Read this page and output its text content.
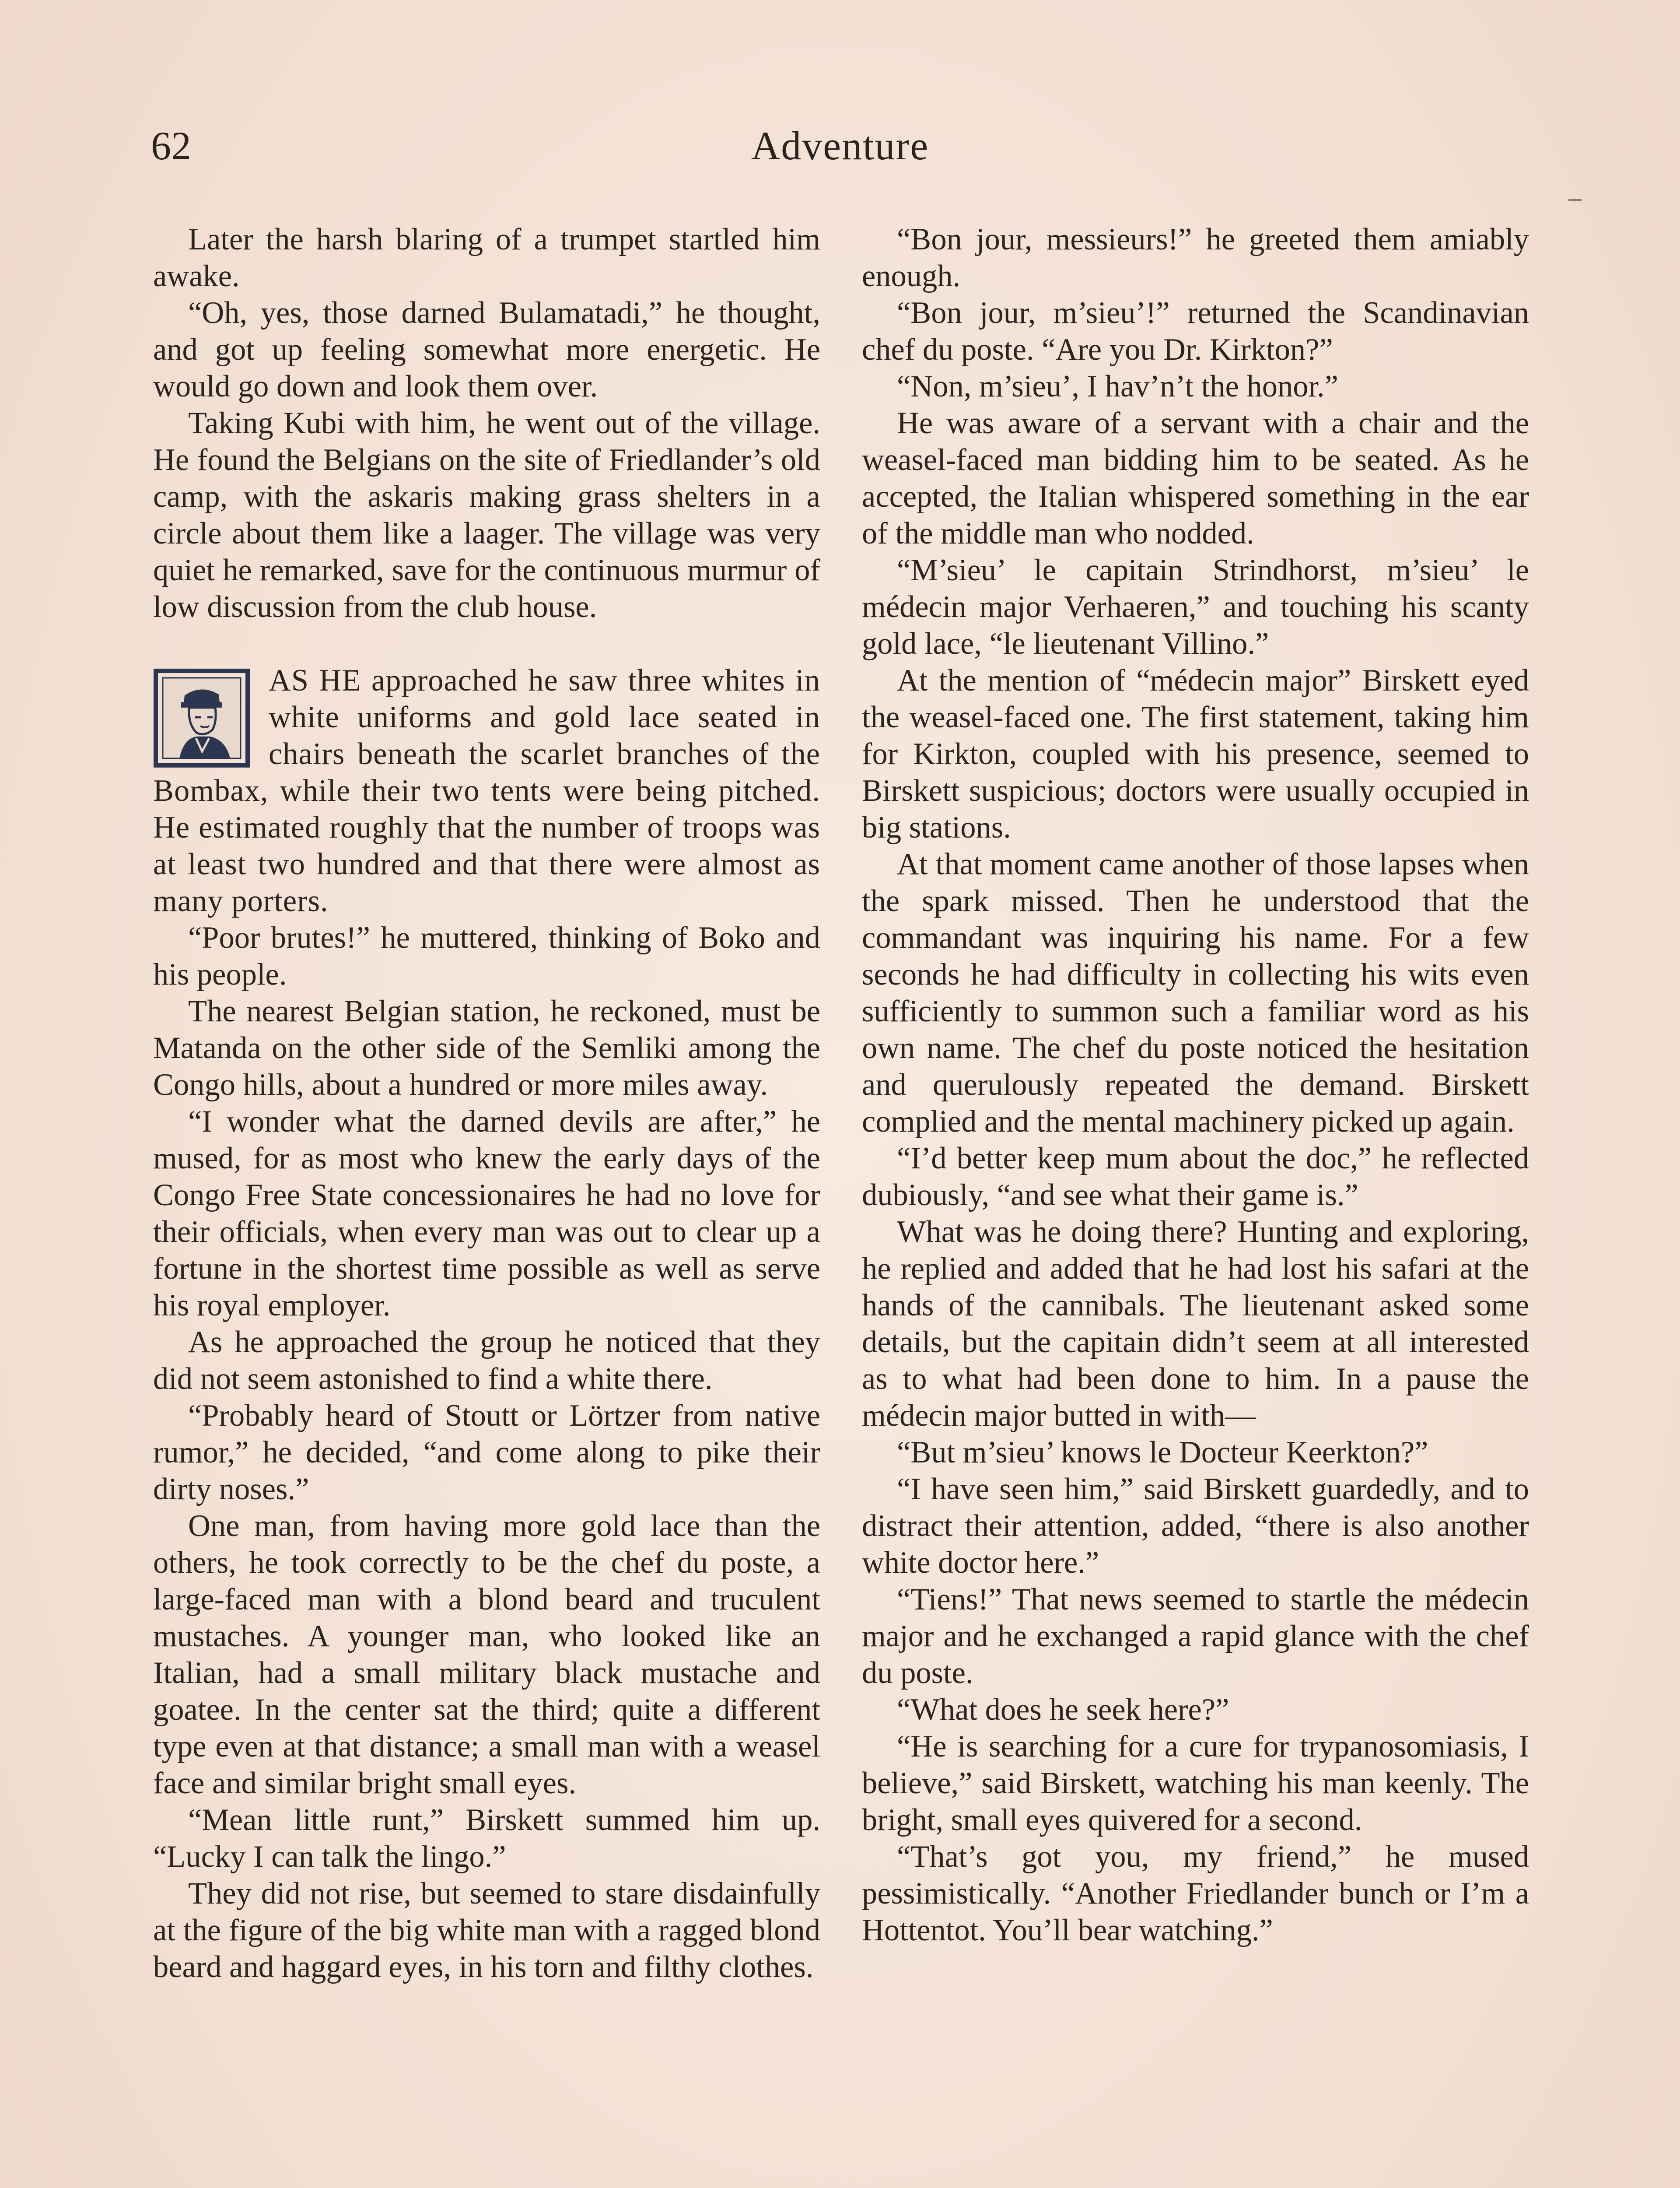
62	Adventure

Later the harsh blaring of a trumpet startled him awake.

“Oh, yes, those darned Bulamatadi,” he thought, and got up feeling somewhat more energetic. He would go down and look them over.

Taking Kubi with him, he went out of the village. He found the Belgians on the site of Friedlander’s old camp, with the askaris making grass shelters in a circle about them like a laager. The village was very quiet he remarked, save for the continuous murmur of low discussion from the club house.

AS HE approached he saw three whites in white uniforms and gold lace seated in chairs beneath the scarlet branches of the Bombax, while their two tents were being pitched. He estimated roughly that the number of troops was at least two hundred and that there were almost as many porters.

“Poor brutes!” he muttered, thinking of Boko and his people.

The nearest Belgian station, he reckoned, must be Matanda on the other side of the Semliki among the Congo hills, about a hundred or more miles away.

“I wonder what the darned devils are after,” he mused, for as most who knew the early days of the Congo Free State concessionaires he had no love for their officials, when every man was out to clear up a fortune in the shortest time possible as well as serve his royal employer.

As he approached the group he noticed that they did not seem astonished to find a white there.

“Probably heard of Stoutt or Lörtzer from native rumor,” he decided, “and come along to pike their dirty noses.”

One man, from having more gold lace than the others, he took correctly to be the chef du poste, a large-faced man with a blond beard and truculent mustaches. A younger man, who looked like an Italian, had a small military black mustache and goatee. In the center sat the third; quite a different type even at that distance; a small man with a weasel face and similar bright small eyes.

“Mean little runt,” Birskett summed him up. “Lucky I can talk the lingo.”

They did not rise, but seemed to stare disdainfully at the figure of the big white man with a ragged blond beard and haggard eyes, in his torn and filthy clothes.

“Bon jour, messieurs!” he greeted them amiably enough.

“Bon jour, m’sieu’!” returned the Scandinavian chef du poste. “Are you Dr. Kirkton?”

“Non, m’sieu’, I hav’n’t the honor.”

He was aware of a servant with a chair and the weasel-faced man bidding him to be seated. As he accepted, the Italian whispered something in the ear of the middle man who nodded.

“M’sieu’ le capitain Strindhorst, m’sieu’ le médecin major Verhaeren,” and touching his scanty gold lace, “le lieutenant Villino.”

At the mention of “médecin major” Birskett eyed the weasel-faced one. The first statement, taking him for Kirkton, coupled with his presence, seemed to Birskett suspicious; doctors were usually occupied in big stations.

At that moment came another of those lapses when the spark missed. Then he understood that the commandant was inquiring his name. For a few seconds he had difficulty in collecting his wits even sufficiently to summon such a familiar word as his own name. The chef du poste noticed the hesitation and querulously repeated the demand. Birskett complied and the mental machinery picked up again.

“I’d better keep mum about the doc,” he reflected dubiously, “and see what their game is.”

What was he doing there? Hunting and exploring, he replied and added that he had lost his safari at the hands of the cannibals. The lieutenant asked some details, but the capitain didn’t seem at all interested as to what had been done to him. In a pause the médecin major butted in with—

“But m’sieu’ knows le Docteur Keerkton?”

“I have seen him,” said Birskett guardedly, and to distract their attention, added, “there is also another white doctor here.”

“Tiens!” That news seemed to startle the médecin major and he exchanged a rapid glance with the chef du poste.

“What does he seek here?”

“He is searching for a cure for trypanosomiasis, I believe,” said Birskett, watching his man keenly. The bright, small eyes quivered for a second.

“That’s got you, my friend,” he mused pessimistically. “Another Friedlander bunch or I’m a Hottentot. You’ll bear watching.”
